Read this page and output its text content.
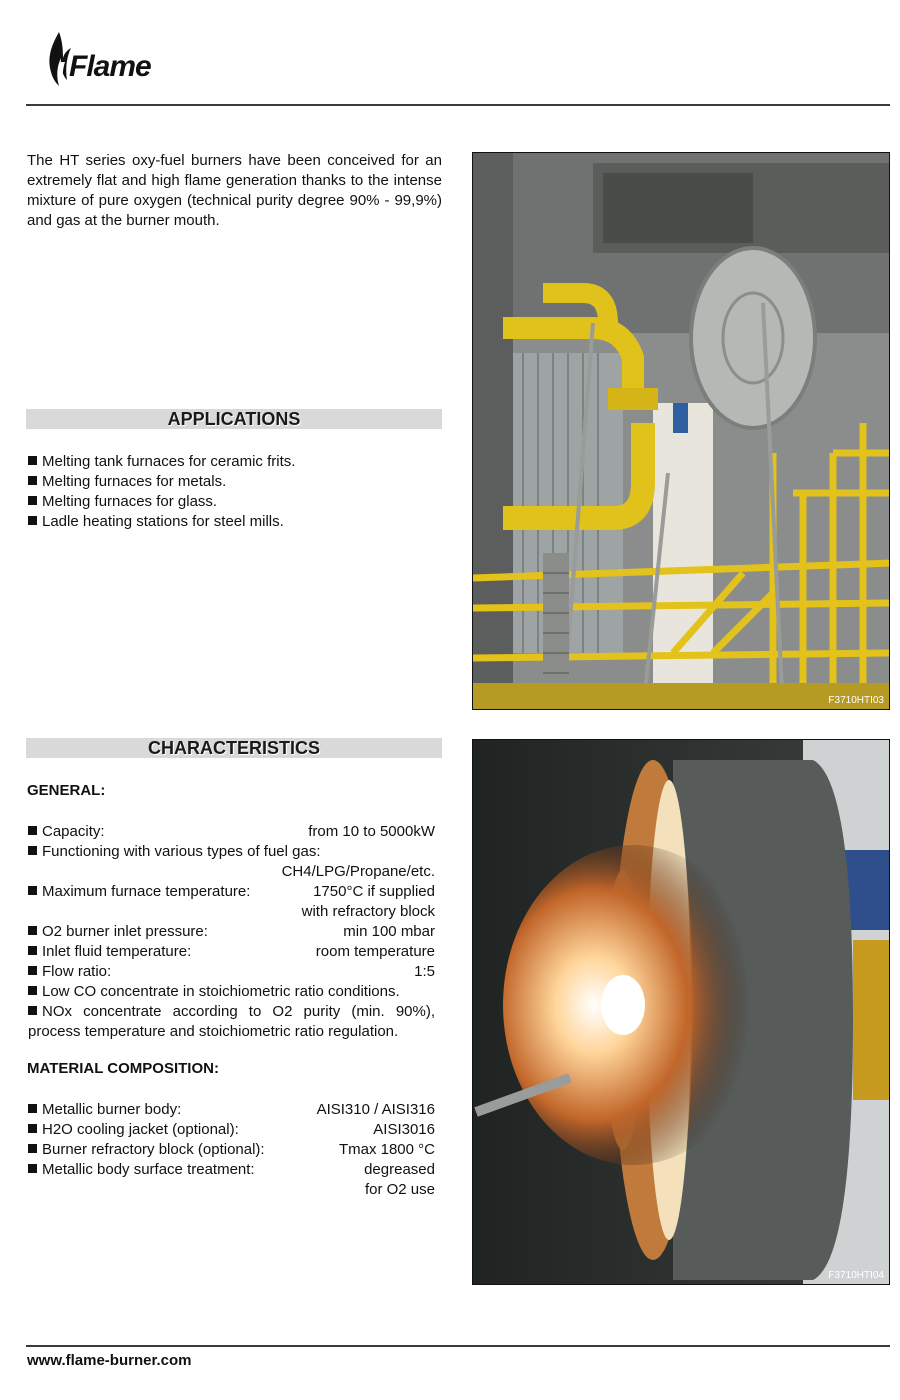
Flame

The HT series oxy-fuel burners have been conceived for an extremely flat and high flame generation thanks to the intense mixture of pure oxygen (technical purity degree 90% - 99,9%) and gas at the burner mouth.

APPLICATIONS
Melting tank furnaces for ceramic frits.
Melting furnaces for metals.
Melting furnaces for glass.
Ladle heating stations for steel mills.
CHARACTERISTICS
GENERAL:
Capacity:	from 10 to 5000kW
Functioning with various types of fuel gas:
CH4/LPG/Propane/etc.
Maximum furnace temperature:	1750°C if supplied
with refractory block
O2 burner inlet pressure:	min 100 mbar
Inlet fluid temperature:	room temperature
Flow ratio:	1:5
Low CO concentrate in stoichiometric ratio conditions.
NOx concentrate according to O2 purity (min. 90%), process temperature and stoichiometric ratio regulation.
MATERIAL COMPOSITION:
Metallic burner body:	AISI310 / AISI316
H2O cooling jacket (optional):	AISI3016
Burner refractory block (optional):	Tmax 1800 °C
Metallic body surface treatment:	degreased
for O2 use
F3710HTI03
F3710HTI04
www.flame-burner.com
